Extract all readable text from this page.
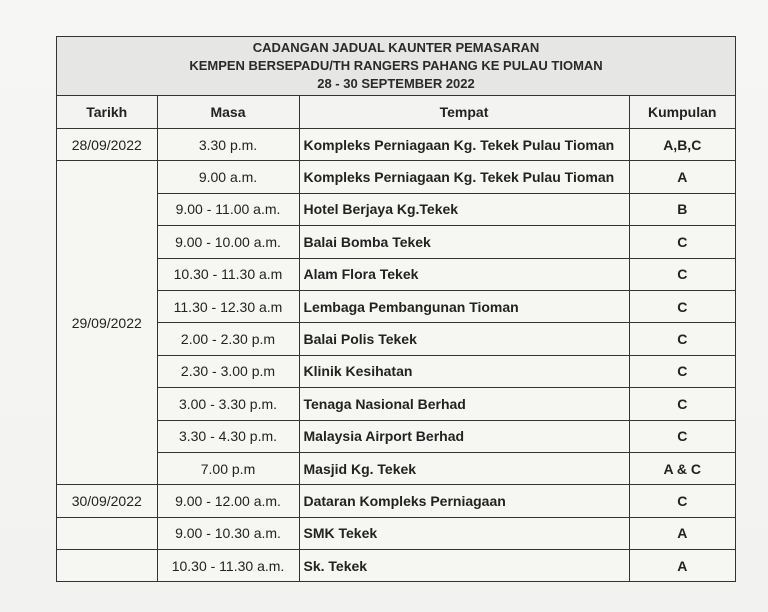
CADANGAN JADUAL KAUNTER PEMASARAN
KEMPEN BERSEPADU/TH RANGERS PAHANG KE PULAU TIOMAN
28 - 30 SEPTEMBER 2022
Tarikh	Masa	Tempat	Kumpulan
28/09/2022	3.30 p.m.	Kompleks Perniagaan Kg. Tekek Pulau Tioman	A,B,C
29/09/2022	9.00 a.m.	Kompleks Perniagaan Kg. Tekek Pulau Tioman	A
	9.00 - 11.00 a.m.	Hotel Berjaya Kg.Tekek	B
	9.00 - 10.00 a.m.	Balai Bomba Tekek	C
	10.30 - 11.30 a.m	Alam Flora Tekek	C
	11.30 - 12.30 a.m	Lembaga Pembangunan Tioman	C
	2.00 - 2.30 p.m	Balai Polis Tekek	C
	2.30 - 3.00 p.m	Klinik Kesihatan	C
	3.00 - 3.30 p.m.	Tenaga Nasional Berhad	C
	3.30 - 4.30 p.m.	Malaysia Airport Berhad	C
	7.00 p.m	Masjid Kg. Tekek	A & C
30/09/2022	9.00 - 12.00 a.m.	Dataran Kompleks Perniagaan	C
	9.00 - 10.30 a.m.	SMK Tekek	A
	10.30 - 11.30 a.m.	Sk. Tekek	A
